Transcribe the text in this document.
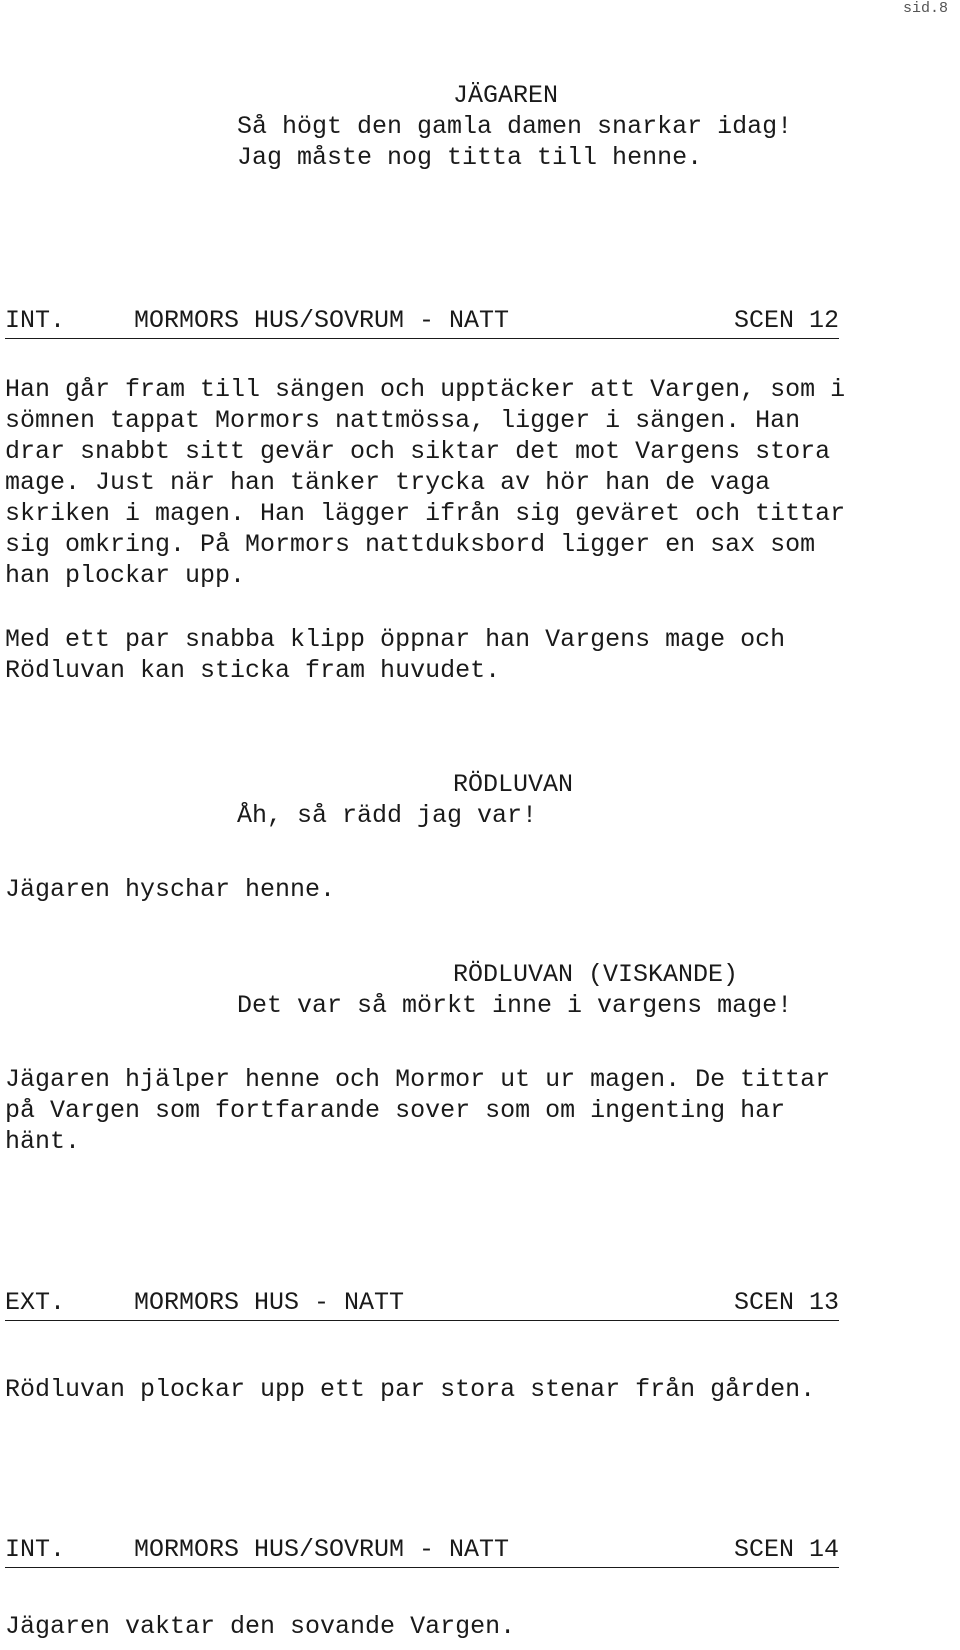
sid.8
JÄGAREN
Så högt den gamla damen snarkar idag!
Jag måste nog titta till henne.
INT.	MORMORS HUS/SOVRUM - NATT	SCEN 12
Han går fram till sängen och upptäcker att Vargen, som i
sömnen tappat Mormors nattmössa, ligger i sängen. Han
drar snabbt sitt gevär och siktar det mot Vargens stora
mage. Just när han tänker trycka av hör han de vaga
skriken i magen. Han lägger ifrån sig geväret och tittar
sig omkring. På Mormors nattduksbord ligger en sax som
han plockar upp.
Med ett par snabba klipp öppnar han Vargens mage och
Rödluvan kan sticka fram huvudet.
RÖDLUVAN
Åh, så rädd jag var!
Jägaren hyschar henne.
RÖDLUVAN (VISKANDE)
Det var så mörkt inne i vargens mage!
Jägaren hjälper henne och Mormor ut ur magen. De tittar
på Vargen som fortfarande sover som om ingenting har
hänt.
EXT.	MORMORS HUS - NATT	SCEN 13
Rödluvan plockar upp ett par stora stenar från gården.
INT.	MORMORS HUS/SOVRUM - NATT	SCEN 14
Jägaren vaktar den sovande Vargen.
